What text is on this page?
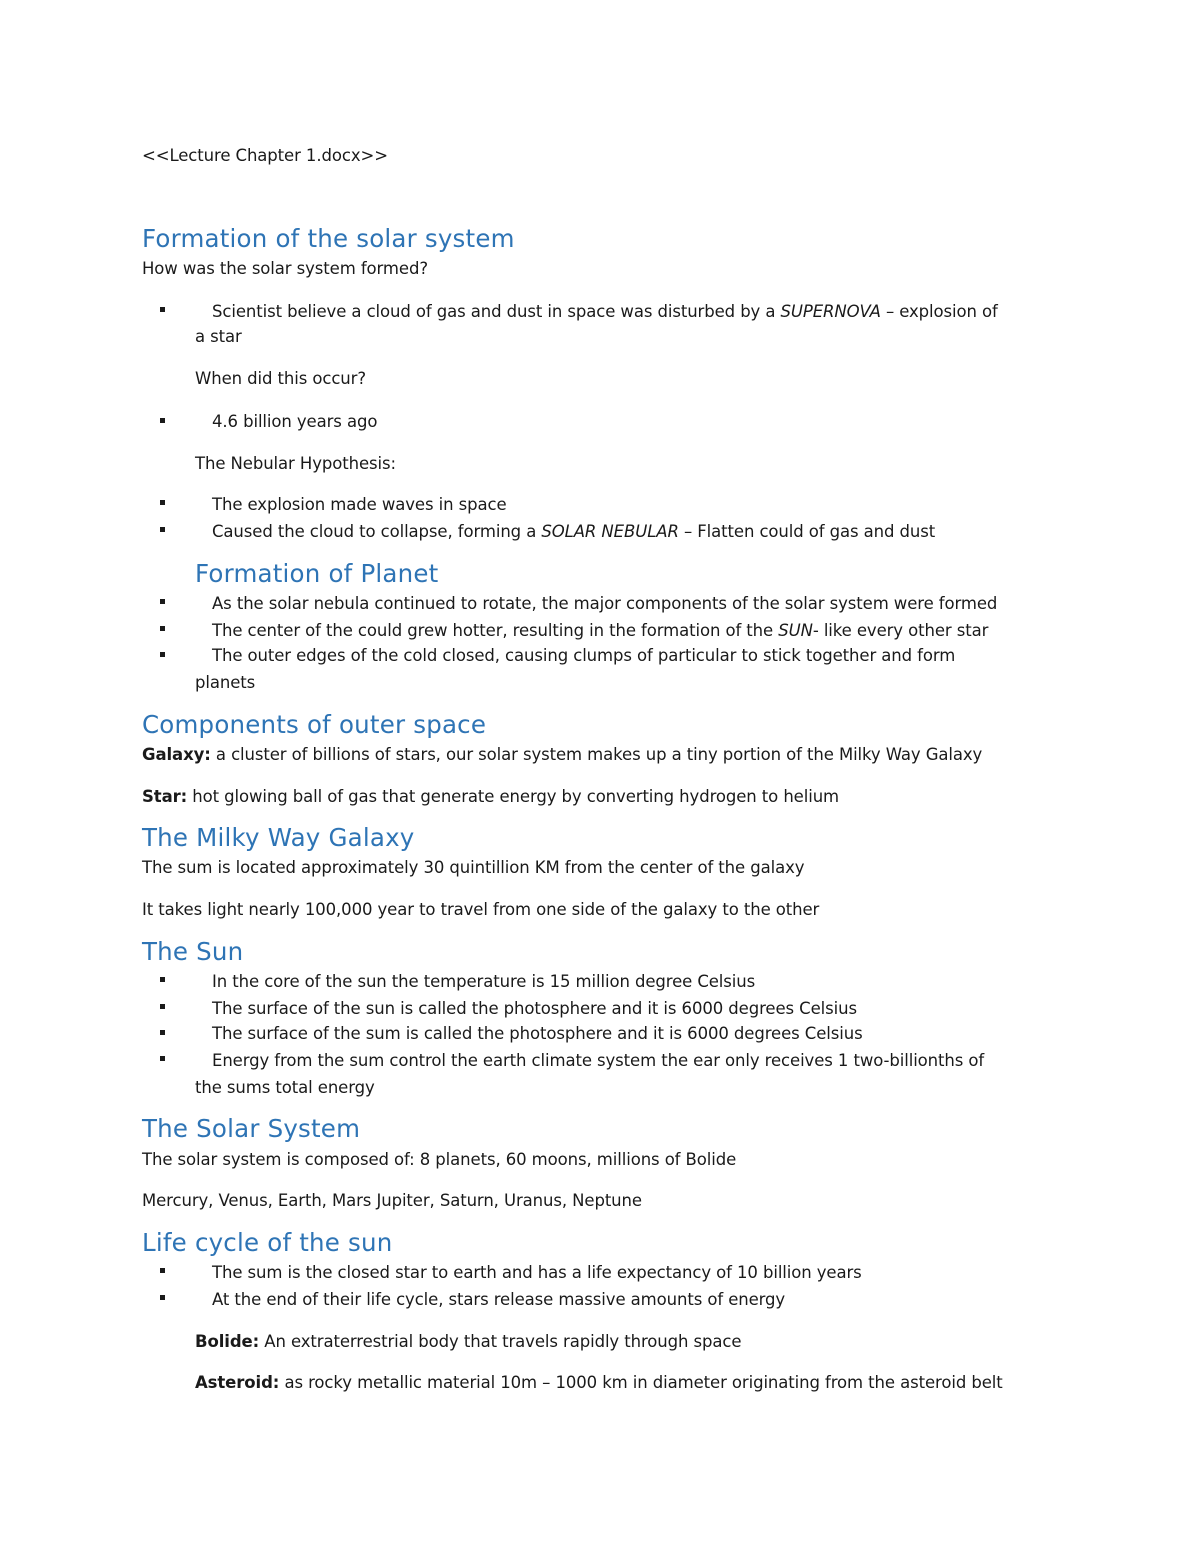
<<Lecture Chapter 1.docx>>
Formation of the solar system
How was the solar system formed?
Scientist believe a cloud of gas and dust in space was disturbed by a SUPERNOVA – explosion of
a star
When did this occur?
4.6 billion years ago
The Nebular Hypothesis:
The explosion made waves in space
Caused the cloud to collapse, forming a SOLAR NEBULAR – Flatten could of gas and dust
Formation of Planet
As the solar nebula continued to rotate, the major components of the solar system were formed
The center of the could grew hotter, resulting in the formation of the SUN- like every other star
The outer edges of the cold closed, causing clumps of particular to stick together and form
planets
Components of outer space
Galaxy: a cluster of billions of stars, our solar system makes up a tiny portion of the Milky Way Galaxy
Star: hot glowing ball of gas that generate energy by converting hydrogen to helium
The Milky Way Galaxy
The sum is located approximately 30 quintillion KM from the center of the galaxy
It takes light nearly 100,000 year to travel from one side of the galaxy to the other
The Sun
In the core of the sun the temperature is 15 million degree Celsius
The surface of the sun is called the photosphere and it is 6000 degrees Celsius
The surface of the sum is called the photosphere and it is 6000 degrees Celsius
Energy from the sum control the earth climate system the ear only receives 1 two-billionths of
the sums total energy
The Solar System
The solar system is composed of: 8 planets, 60 moons, millions of Bolide
Mercury, Venus, Earth, Mars Jupiter, Saturn, Uranus, Neptune
Life cycle of the sun
The sum is the closed star to earth and has a life expectancy of 10 billion years
At the end of their life cycle, stars release massive amounts of energy
Bolide: An extraterrestrial body that travels rapidly through space
Asteroid: as rocky metallic material 10m – 1000 km in diameter originating from the asteroid belt
